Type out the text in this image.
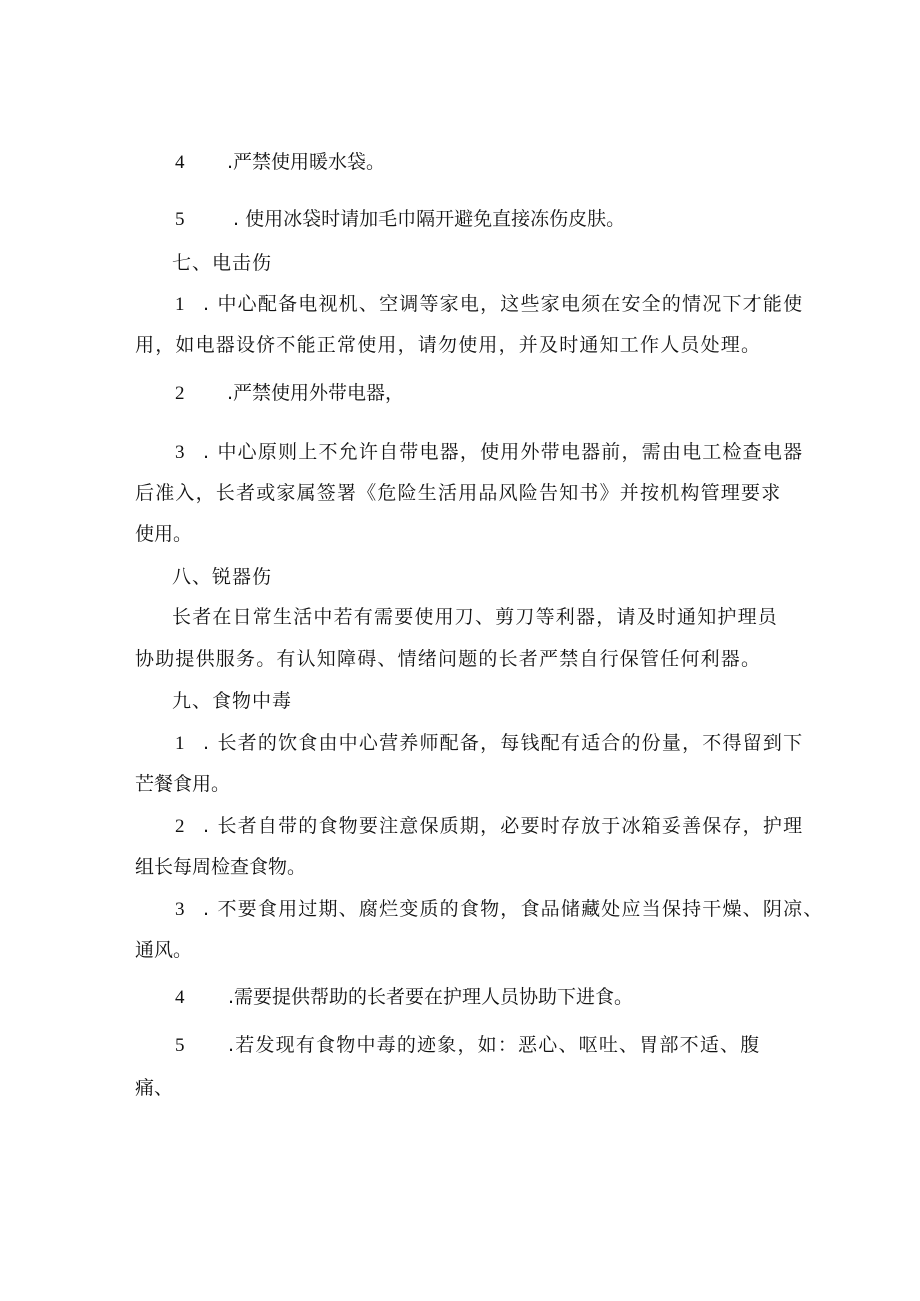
4 .严禁使用暖水袋。
5	. 使用冰袋时请加毛巾隔开避免直接冻伤皮肤。
七、电击伤
1 . 中心配备电视机、空调等家电，这些家电须在安全的情况下才能使
用，如电器设侪不能正常使用，请勿使用，并及时通知工作人员处理。
2 .严禁使用外带电器，
3 . 中心原则上不允许自带电器，使用外带电器前，需由电工检查电器
后准入，长者或家属签署《危险生活用品风险告知书》并按机构管理要求
使用。
八、锐器伤
长者在日常生活中若有需要使用刀、剪刀等利器，请及时通知护理员
协助提供服务。有认知障碍、情绪问题的长者严禁自行保管任何利器。
九、食物中毒
1 . 长者的饮食由中心营养师配备，每钱配有适合的份量，不得留到下
芒餐食用。
2 . 长者自带的食物要注意保质期，必要时存放于冰箱妥善保存，护理
组长每周检查食物。
3 . 不要食用过期、腐烂变质的食物，食品储藏处应当保持干燥、阴凉、
通风。
4 .需要提供帮助的长者要在护理人员协助下进食。
5 .若发现有食物中毒的迹象，如：恶心、呕吐、胃部不适、腹
痛、
